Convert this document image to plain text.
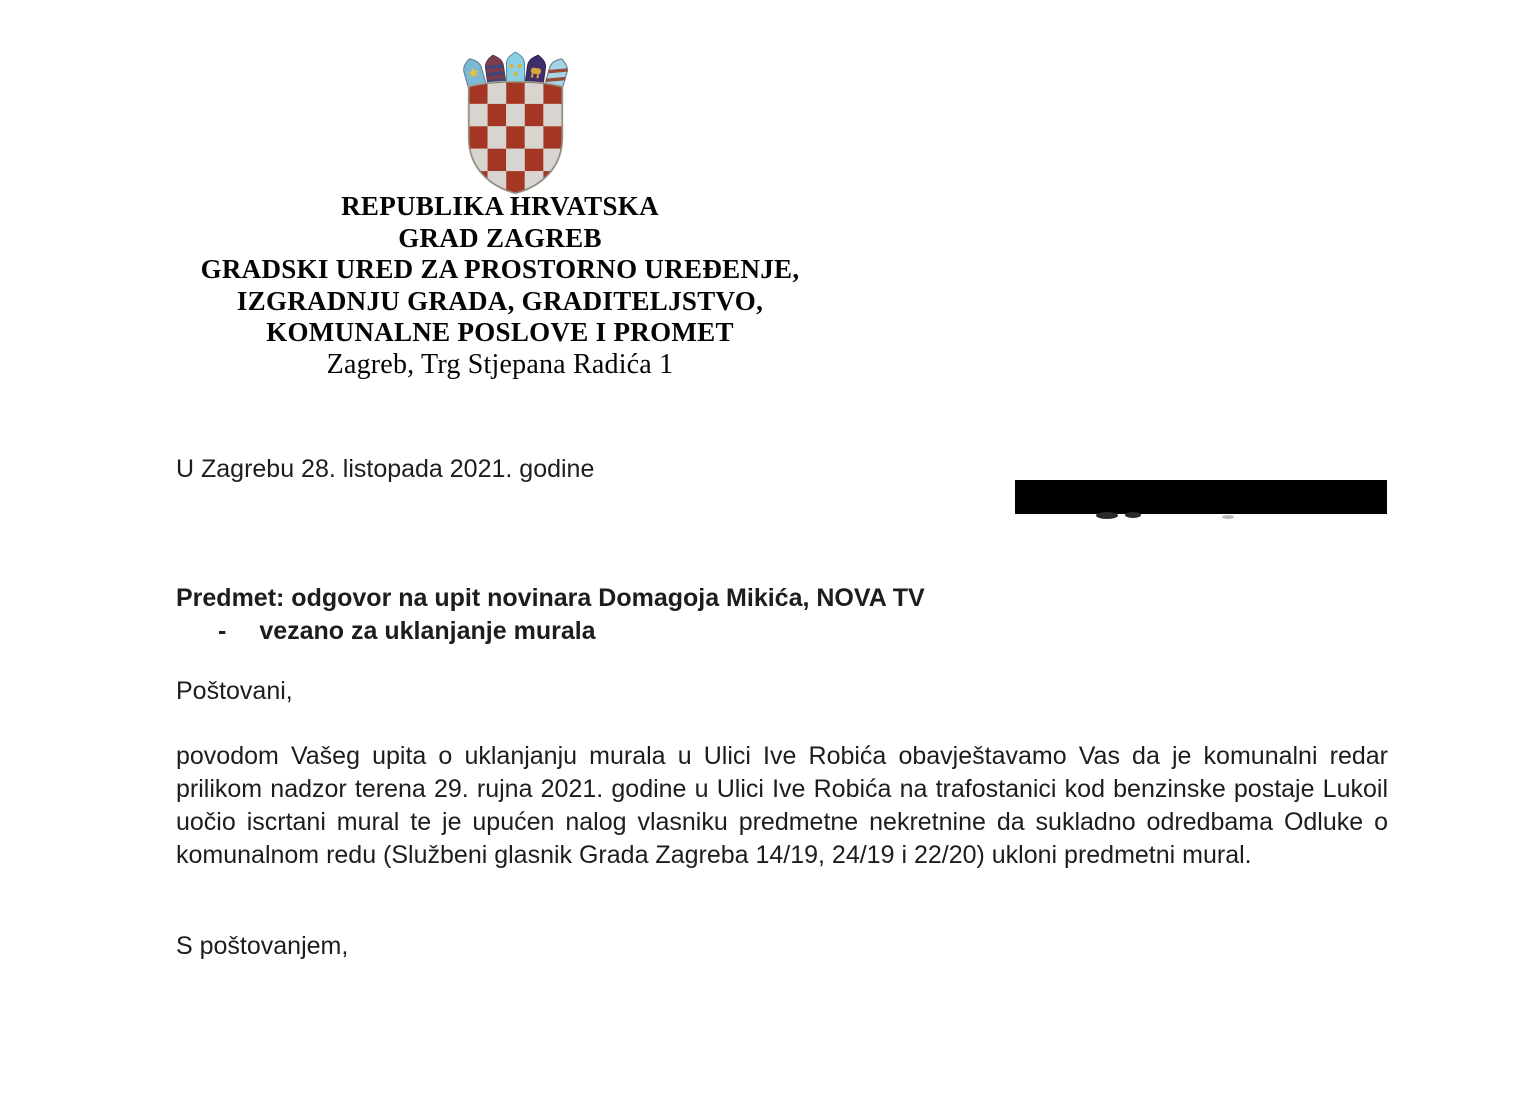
REPUBLIKA HRVATSKA
GRAD ZAGREB
GRADSKI URED ZA PROSTORNO UREĐENJE,
IZGRADNJU GRADA, GRADITELJSTVO,
KOMUNALNE POSLOVE I PROMET
Zagreb, Trg Stjepana Radića 1
U Zagrebu 28. listopada 2021. godine
Predmet: odgovor na upit novinara Domagoja Mikića, NOVA TV
-	vezano za uklanjanje murala
Poštovani,
povodom Vašeg upita o uklanjanju murala u Ulici Ive Robića obavještavamo Vas da je komunalni redar prilikom nadzor terena 29. rujna 2021. godine u Ulici Ive Robića na trafostanici kod benzinske postaje Lukoil uočio iscrtani mural te je upućen nalog vlasniku predmetne nekretnine da sukladno odredbama Odluke o komunalnom redu (Službeni glasnik Grada Zagreba 14/19, 24/19 i 22/20) ukloni predmetni mural.
S poštovanjem,
